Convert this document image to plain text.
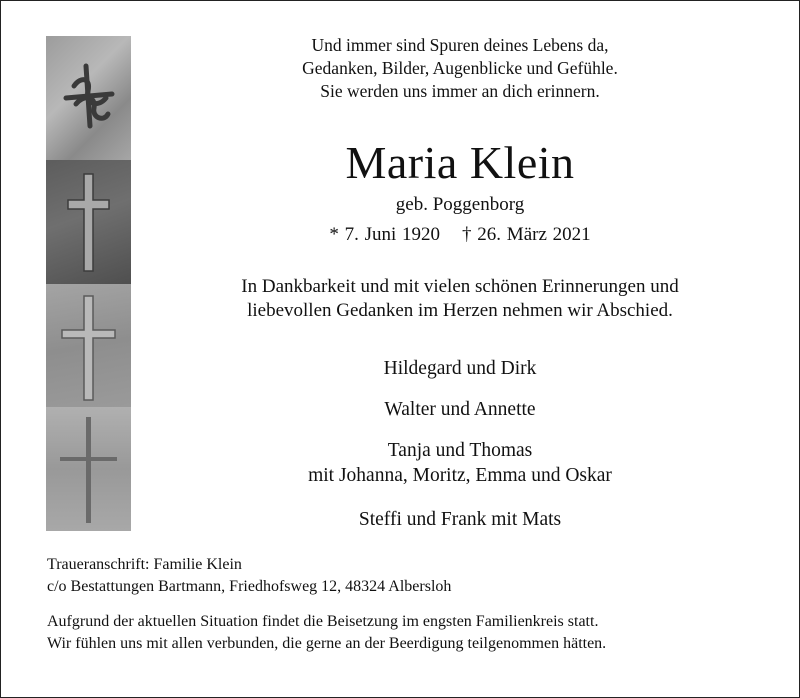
Und immer sind Spuren deines Lebens da,
Gedanken, Bilder, Augenblicke und Gefühle.
Sie werden uns immer an dich erinnern.
Maria Klein
geb. Poggenborg
* 7. Juni 1920 † 26. März 2021
In Dankbarkeit und mit vielen schönen Erinnerungen und
liebevollen Gedanken im Herzen nehmen wir Abschied.
Hildegard und Dirk
Walter und Annette
Tanja und Thomas
mit Johanna, Moritz, Emma und Oskar
Steffi und Frank mit Mats
Traueranschrift: Familie Klein
c/o Bestattungen Bartmann, Friedhofsweg 12, 48324 Albersloh
Aufgrund der aktuellen Situation findet die Beisetzung im engsten Familienkreis statt.
Wir fühlen uns mit allen verbunden, die gerne an der Beerdigung teilgenommen hätten.
